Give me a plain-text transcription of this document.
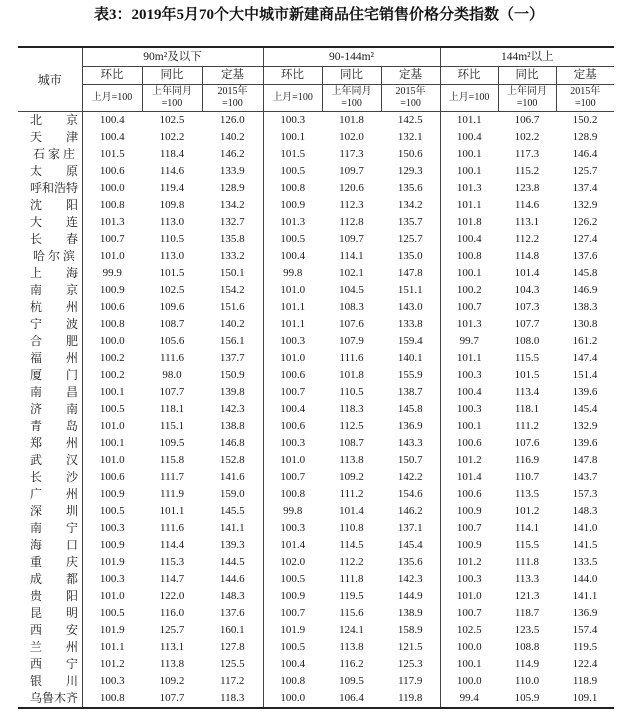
表3：2019年5月70个大中城市新建商品住宅销售价格分类指数（一）
城市	90m²及以下			90-144m²			144m²以上		
	环比	同比	定基	环比	同比	定基	环比	同比	定基
	上月=100	上年同月=100	2015年=100	上月=100	上年同月=100	2015年=100	上月=100	上年同月=100	2015年=100
北京	100.4	102.5	126.0	100.3	101.8	142.5	101.1	106.7	150.2
天津	100.4	102.2	140.2	100.1	102.0	132.1	100.4	102.2	128.9
石家庄	101.5	118.4	146.2	101.5	117.3	150.6	100.1	117.3	146.4
太原	100.6	114.6	133.9	100.5	109.7	129.3	100.1	115.2	125.7
呼和浩特	100.0	119.4	128.9	100.8	120.6	135.6	101.3	123.8	137.4
沈阳	100.8	109.8	134.2	100.9	112.3	134.2	101.1	114.6	132.9
大连	101.3	113.0	132.7	101.3	112.8	135.7	101.8	113.1	126.2
长春	100.7	110.5	135.8	100.5	109.7	125.7	100.4	112.2	127.4
哈尔滨	101.0	113.0	133.2	100.4	114.1	135.0	100.8	114.8	137.6
上海	99.9	101.5	150.1	99.8	102.1	147.8	100.1	101.4	145.8
南京	100.9	102.5	154.2	101.0	104.5	151.1	100.2	104.3	146.9
杭州	100.6	109.6	151.6	101.1	108.3	143.0	100.7	107.3	138.3
宁波	100.8	108.7	140.2	101.1	107.6	133.8	101.3	107.7	130.8
合肥	100.0	105.6	156.1	100.3	107.9	159.4	99.7	108.0	161.2
福州	100.2	111.6	137.7	101.0	111.6	140.1	101.1	115.5	147.4
厦门	100.2	98.0	150.9	100.6	101.8	155.9	100.3	101.5	151.4
南昌	100.1	107.7	139.8	100.7	110.5	138.7	100.4	113.4	139.6
济南	100.5	118.1	142.3	100.4	118.3	145.8	100.3	118.1	145.4
青岛	101.0	115.1	138.8	100.6	112.5	136.9	100.1	111.2	132.9
郑州	100.1	109.5	146.8	100.3	108.7	143.3	100.6	107.6	139.6
武汉	101.0	115.8	152.8	101.0	113.8	150.7	101.2	116.9	147.8
长沙	100.6	111.7	141.6	100.7	109.2	142.2	101.4	110.7	143.7
广州	100.9	111.9	159.0	100.8	111.2	154.6	100.6	113.5	157.3
深圳	100.5	101.1	145.5	99.8	101.4	146.2	100.9	101.2	148.3
南宁	100.3	111.6	141.1	100.3	110.8	137.1	100.7	114.1	141.0
海口	100.9	114.4	139.3	101.4	114.5	145.4	100.9	115.5	141.5
重庆	101.9	115.3	144.5	102.0	112.2	135.6	101.2	111.8	133.5
成都	100.3	114.7	144.6	100.5	111.8	142.3	100.3	113.3	144.0
贵阳	101.0	122.0	148.3	100.9	119.5	144.9	101.0	121.3	141.1
昆明	100.5	116.0	137.6	100.7	115.6	138.9	100.7	118.7	136.9
西安	101.9	125.7	160.1	101.9	124.1	158.9	102.5	123.5	157.4
兰州	101.1	113.1	127.8	100.5	113.8	121.5	100.0	108.8	119.5
西宁	101.2	113.8	125.5	100.4	116.2	125.3	100.1	114.9	122.4
银川	100.3	109.2	117.2	100.8	109.5	117.9	100.0	110.0	118.9
乌鲁木齐	100.8	107.7	118.3	100.0	106.4	119.8	99.4	105.9	109.1
